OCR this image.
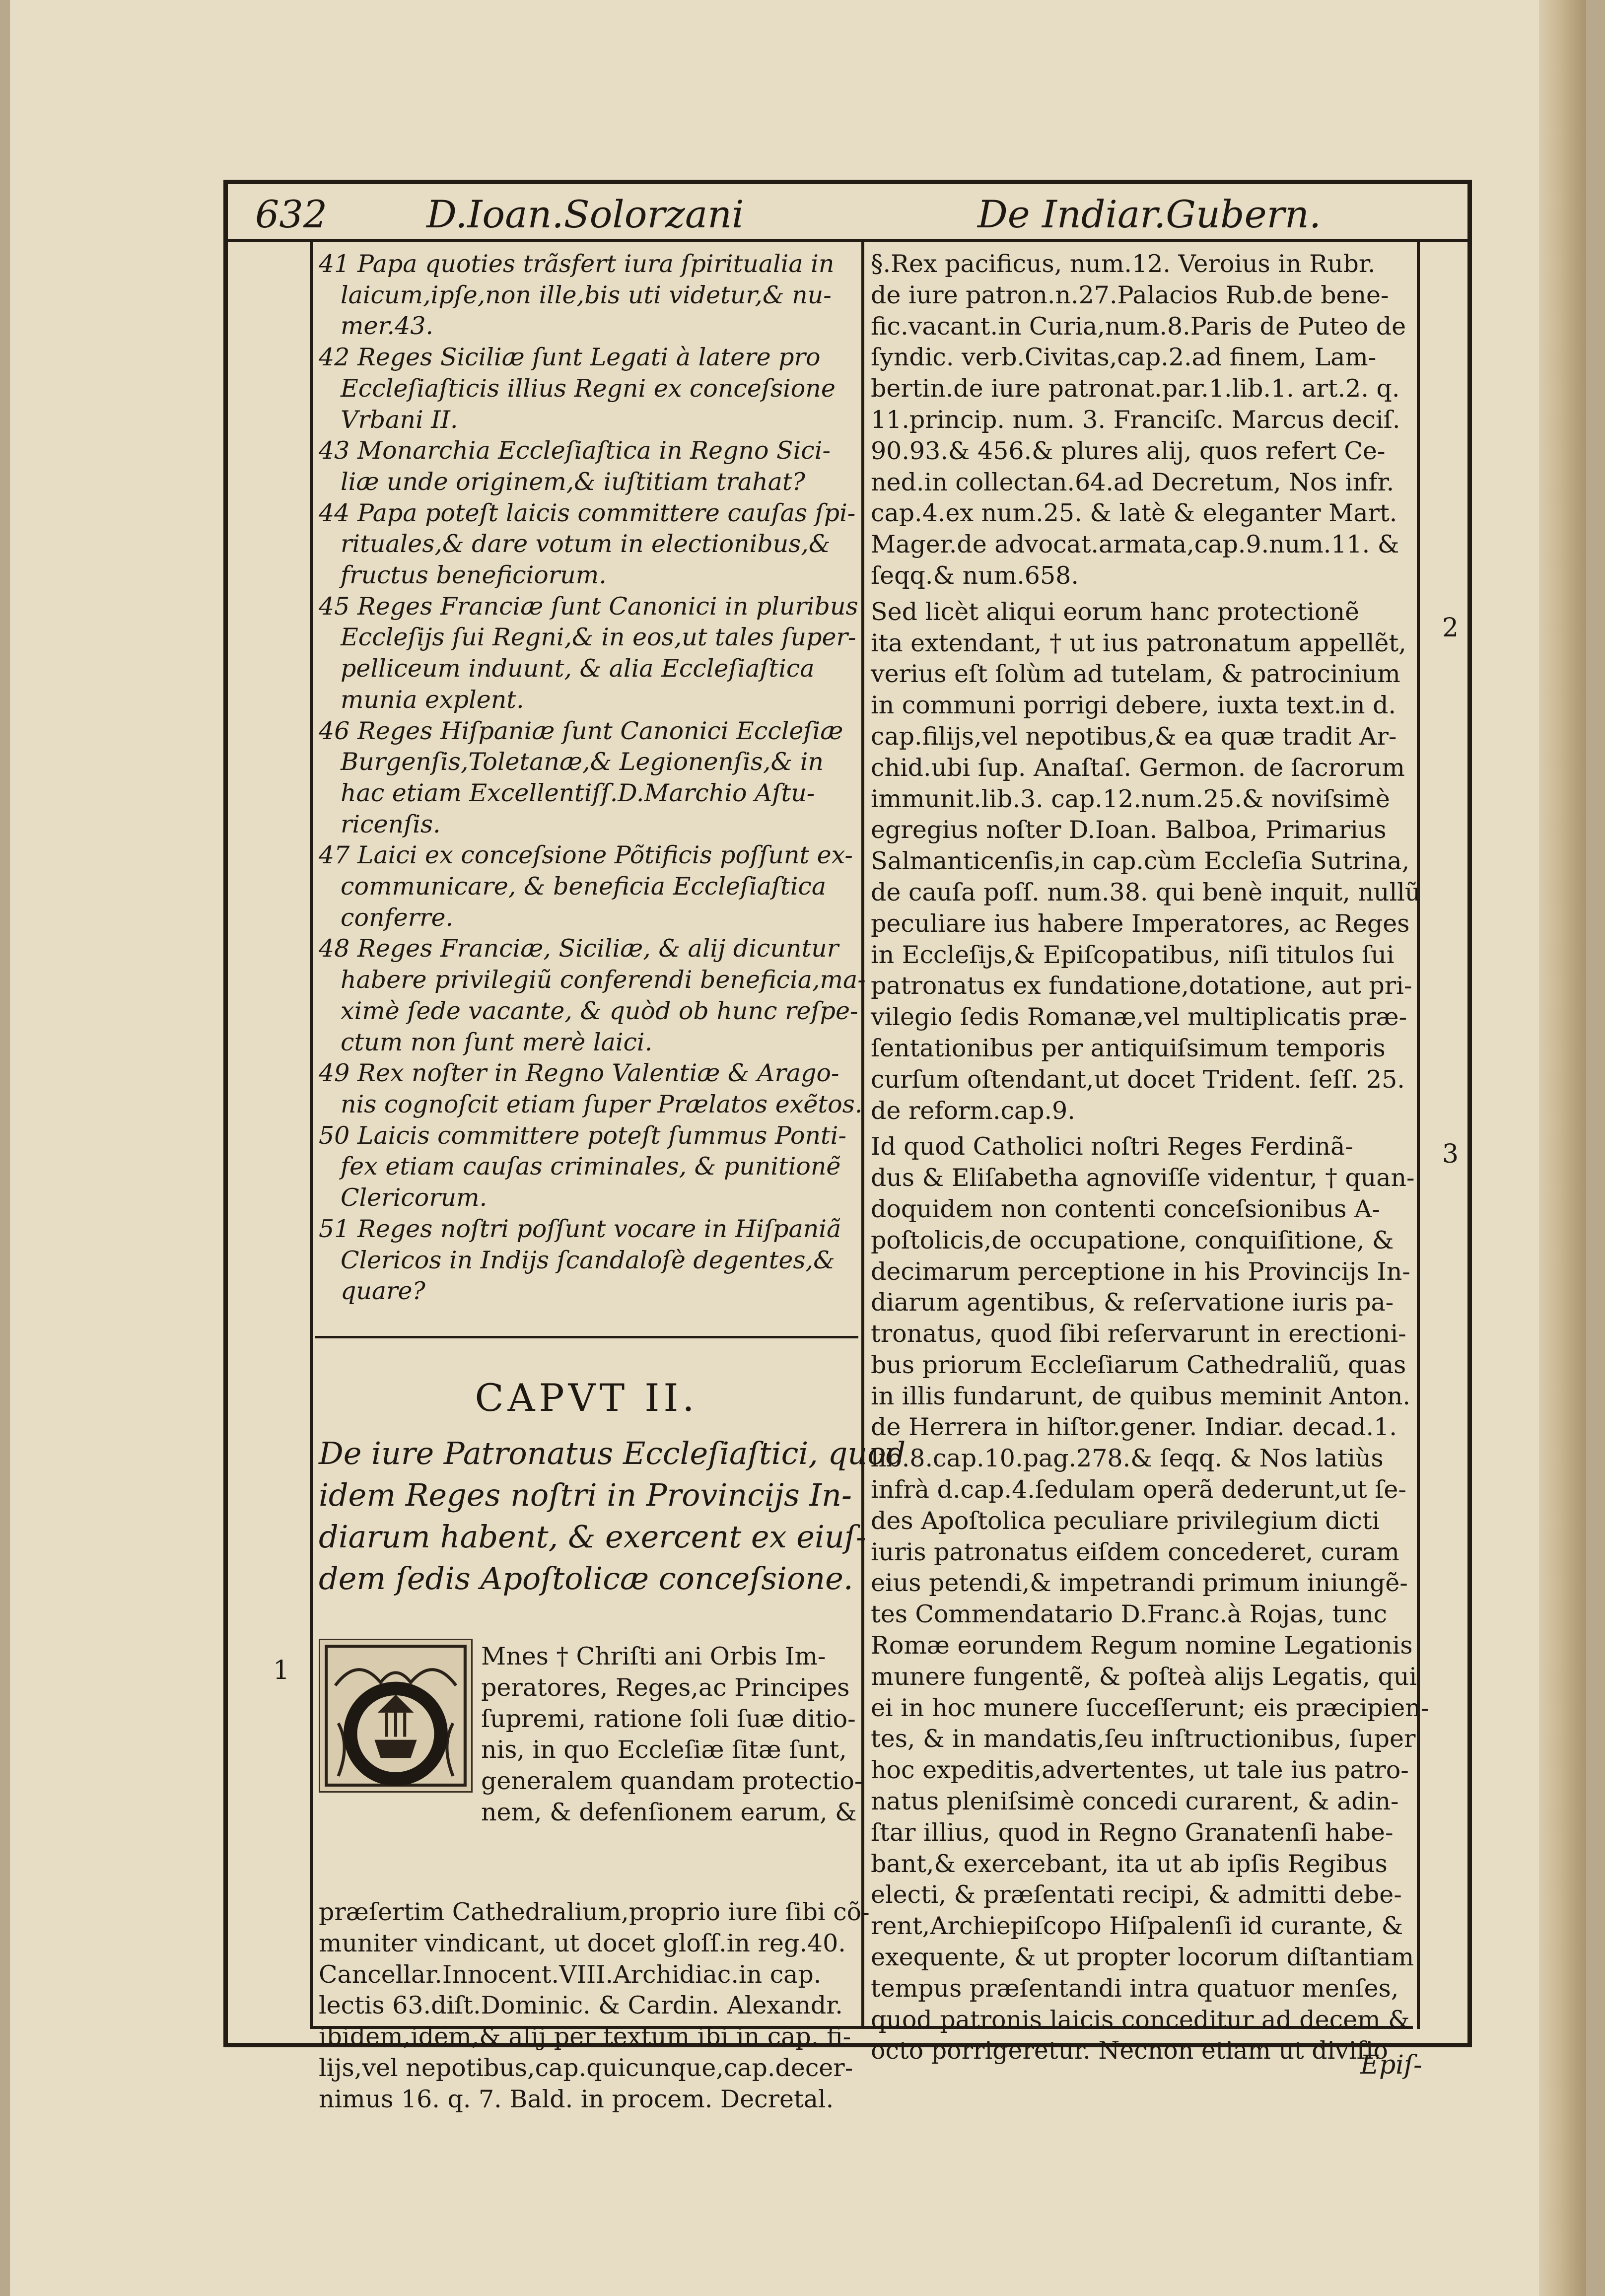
632	D.Ioan.Solorzani	De Indiar.Gubern.
41 Papa quoties trãsfert iura ſpiritualia in
laicum,ipſe,non ille,bis uti videtur,& nu-
mer.43.
42 Reges Siciliæ ſunt Legati à latere pro
Eccleſiaſticis illius Regni ex conceſsione
Vrbani II.
43 Monarchia Eccleſiaſtica in Regno Sici-
liæ unde originem,& iuſtitiam trahat?
44 Papa poteſt laicis committere cauſas ſpi-
rituales,& dare votum in electionibus,&
fructus beneficiorum.
45 Reges Franciæ ſunt Canonici in pluribus
Eccleſijs ſui Regni,& in eos,ut tales ſuper-
pelliceum induunt, & alia Eccleſiaſtica
munia explent.
46 Reges Hiſpaniæ ſunt Canonici Eccleſiæ
Burgenſis,Toletanæ,& Legionenſis,& in
hac etiam Excellentiſſ.D.Marchio Aſtu-
ricenſis.
47 Laici ex conceſsione Põtificis poſſunt ex-
communicare, & beneficia Eccleſiaſtica
conferre.
48 Reges Franciæ, Siciliæ, & alij dicuntur
habere privilegiũ conferendi beneficia,ma-
ximè ſede vacante, & quòd ob hunc reſpe-
ctum non ſunt merè laici.
49 Rex noſter in Regno Valentiæ & Arago-
nis cognoſcit etiam ſuper Prælatos exẽtos.
50 Laicis committere poteſt ſummus Ponti-
fex etiam cauſas criminales, & punitionẽ
Clericorum.
51 Reges noſtri poſſunt vocare in Hiſpaniã
Clericos in Indijs ſcandaloſè degentes,&
quare?
CAPVT II.
De iure Patronatus Eccleſiaſtici, quod
idem Reges noſtri in Provincijs In-
diarum habent, & exercent ex eiuſ-
dem ſedis Apoſtolicæ conceſsione.
Mnes † Chriſti ani Orbis Im-
peratores, Reges,ac Principes
ſupremi, ratione ſoli ſuæ ditio-
nis, in quo Eccleſiæ ſitæ ſunt,
generalem quandam protectio-
nem, & defenſionem earum, &
præſertim Cathedralium,proprio iure ſibi cõ-
muniter vindicant, ut docet gloſſ.in reg.40.
Cancellar.Innocent.VIII.Archidiac.in cap.
lectis 63.diſt.Dominic. & Cardin. Alexandr.
ibidem,idem,& alij per textum ibi in cap. fi-
lijs,vel nepotibus,cap.quicunque,cap.decer-
nimus 16. q. 7. Bald. in procem. Decretal.
§.Rex pacificus, num.12. Veroius in Rubr.
de iure patron.n.27.Palacios Rub.de bene-
fic.vacant.in Curia,num.8.Paris de Puteo de
ſyndic. verb.Civitas,cap.2.ad finem, Lam-
bertin.de iure patronat.par.1.lib.1. art.2. q.
11.princip. num. 3. Franciſc. Marcus deciſ.
90.93.& 456.& plures alij, quos refert Ce-
ned.in collectan.64.ad Decretum, Nos infr.
cap.4.ex num.25. & latè & eleganter Mart.
Mager.de advocat.armata,cap.9.num.11. &
ſeqq.& num.658.
Sed licèt aliqui eorum hanc protectionẽ
ita extendant, † ut ius patronatum appellẽt,
verius eſt ſolùm ad tutelam, & patrocinium
in communi porrigi debere, iuxta text.in d.
cap.filijs,vel nepotibus,& ea quæ tradit Ar-
chid.ubi ſup. Anaſtaſ. Germon. de ſacrorum
immunit.lib.3. cap.12.num.25.& noviſsimè
egregius noſter D.Ioan. Balboa, Primarius
Salmanticenſis,in cap.cùm Eccleſia Sutrina,
de cauſa poſſ. num.38. qui benè inquit, nullũ
peculiare ius habere Imperatores, ac Reges
in Eccleſijs,& Epiſcopatibus, niſi titulos ſui
patronatus ex fundatione,dotatione, aut pri-
vilegio ſedis Romanæ,vel multiplicatis præ-
ſentationibus per antiquiſsimum temporis
curſum oſtendant,ut docet Trident. ſeſſ. 25.
de reform.cap.9.
Id quod Catholici noſtri Reges Ferdinã-
dus & Eliſabetha agnoviſſe videntur, † quan-
doquidem non contenti conceſsionibus A-
poſtolicis,de occupatione, conquiſitione, &
decimarum perceptione in his Provincijs In-
diarum agentibus, & reſervatione iuris pa-
tronatus, quod ſibi reſervarunt in erectioni-
bus priorum Eccleſiarum Cathedraliũ, quas
in illis fundarunt, de quibus meminit Anton.
de Herrera in hiſtor.gener. Indiar. decad.1.
lib.8.cap.10.pag.278.& ſeqq. & Nos latiùs
infrà d.cap.4.ſedulam operã dederunt,ut ſe-
des Apoſtolica peculiare privilegium dicti
iuris patronatus eiſdem concederet, curam
eius petendi,& impetrandi primum iniungẽ-
tes Commendatario D.Franc.à Rojas, tunc
Romæ eorundem Regum nomine Legationis
munere fungentẽ, & poſteà alijs Legatis, qui
ei in hoc munere ſucceſſerunt; eis præcipien-
tes, & in mandatis,ſeu inſtructionibus, ſuper
hoc expeditis,advertentes, ut tale ius patro-
natus pleniſsimè concedi curarent, & adin-
ſtar illius, quod in Regno Granatenſi habe-
bant,& exercebant, ita ut ab ipſis Regibus
electi, & præſentati recipi, & admitti debe-
rent,Archiepiſcopo Hiſpalenſi id curante, &
exequente, & ut propter locorum diſtantiam
tempus præſentandi intra quatuor menſes,
quod patronis laicis conceditur ad decem &
octo porrigeretur. Necnon etiam ut diviſio
1
2
3
Epiſ-
